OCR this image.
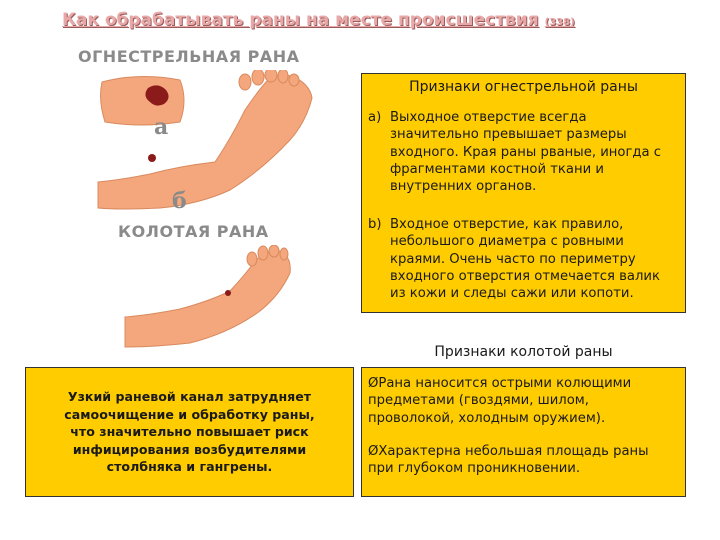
Как обрабатывать раны на месте происшествия (338)
ОГНЕСТРЕЛЬНАЯ РАНА
КОЛОТАЯ РАНА
а
б
Признаки огнестрельной раны
a) Выходное отверстие всегда
значительно превышает размеры
входного. Края раны рваные, иногда с
фрагментами костной ткани и
внутренних органов.
b) Входное отверстие, как правило,
небольшого диаметра с ровными
краями. Очень часто по периметру
входного отверстия отмечается валик
из кожи и следы сажи или копоти.
Признаки колотой раны
ØРана наносится острыми колющими
предметами (гвоздями, шилом,
проволокой, холодным оружием).
ØХарактерна небольшая площадь раны
при глубоком проникновении.
Узкий раневой канал затрудняет
самоочищение и обработку раны,
что значительно повышает риск
инфицирования возбудителями
столбняка и гангрены.
